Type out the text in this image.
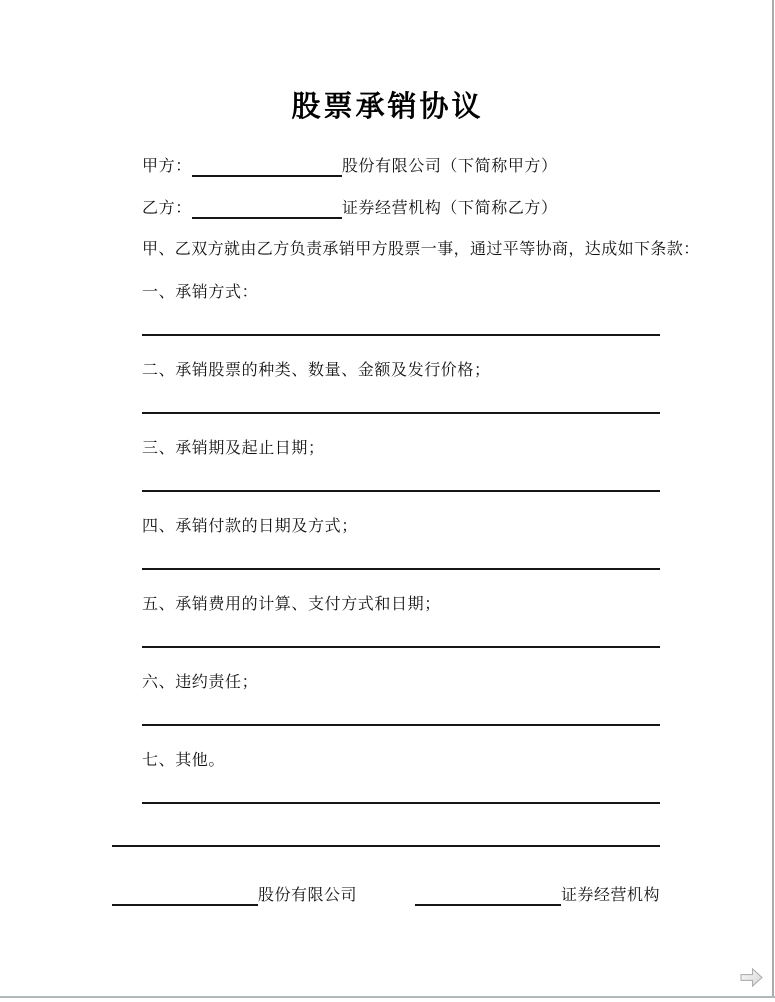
股票承销协议
甲方：	股份有限公司（下简称甲方）
乙方：	证券经营机构（下简称乙方）
甲、乙双方就由乙方负责承销甲方股票一事，通过平等协商，达成如下条款：
一、承销方式：
二、承销股票的种类、数量、金额及发行价格；
三、承销期及起止日期；
四、承销付款的日期及方式；
五、承销费用的计算、支付方式和日期；
六、违约责任；
七、其他。
股份有限公司	证券经营机构
